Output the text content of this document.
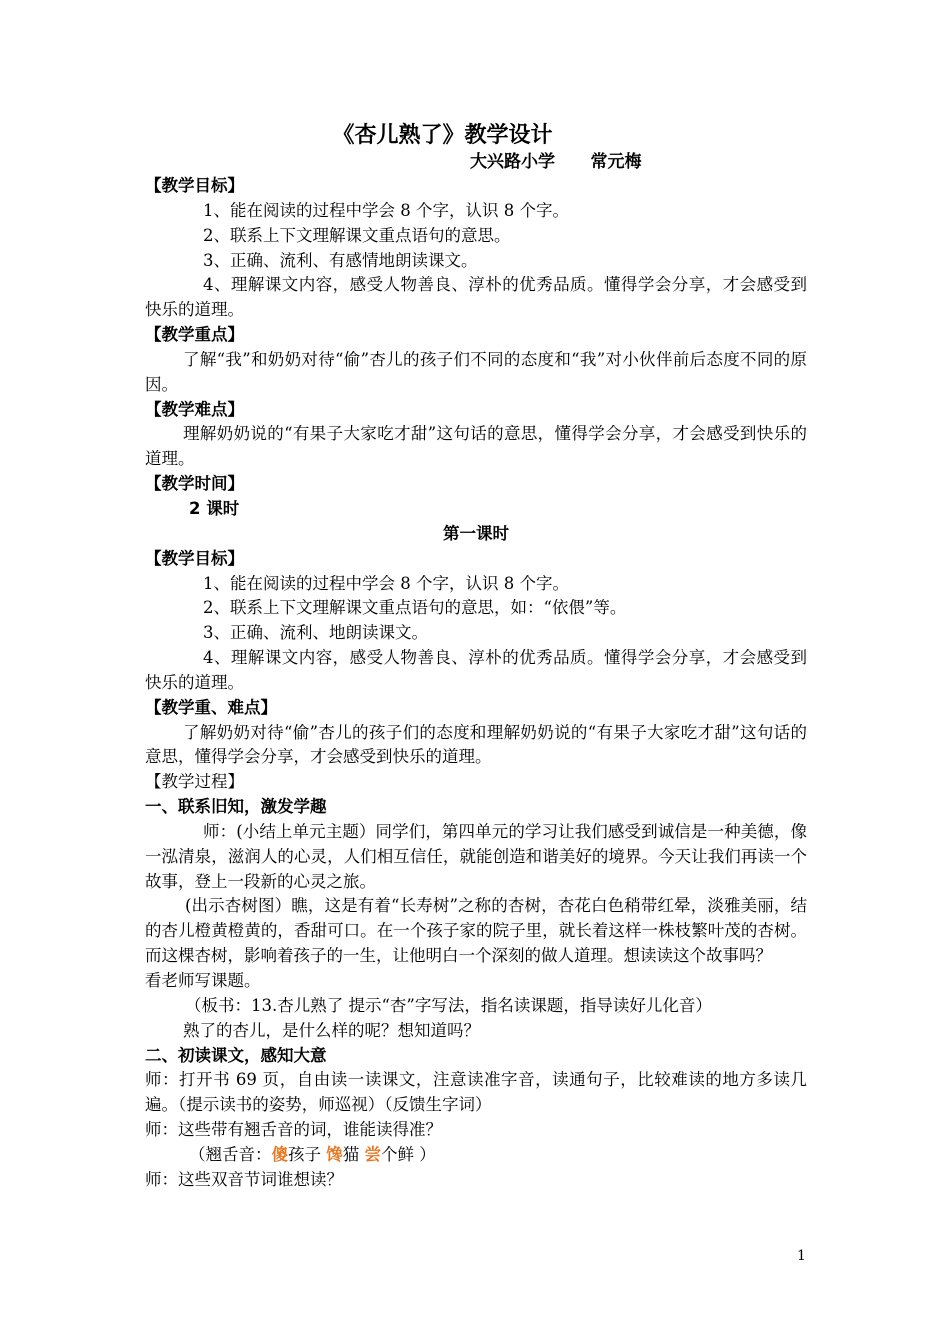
《杏儿熟了》教学设计
大兴路小学      常元梅

【教学目标】

1、能在阅读的过程中学会 8 个字，认识 8 个字。

2、联系上下文理解课文重点语句的意思。

3、正确、流利、有感情地朗读课文。

4、理解课文内容，感受人物善良、淳朴的优秀品质。懂得学会分享，才会感受到快乐的道理。

【教学重点】

了解“我”和奶奶对待“偷”杏儿的孩子们不同的态度和“我”对小伙伴前后态度不同的原因。

【教学难点】

理解奶奶说的“有果子大家吃才甜”这句话的意思，懂得学会分享，才会感受到快乐的道理。

【教学时间】

2 课时

第一课时

【教学目标】

1、能在阅读的过程中学会 8 个字，认识 8 个字。

2、联系上下文理解课文重点语句的意思，如：“依偎”等。

3、正确、流利、地朗读课文。

4、理解课文内容，感受人物善良、淳朴的优秀品质。懂得学会分享，才会感受到快乐的道理。

【教学重、难点】

了解奶奶对待“偷”杏儿的孩子们的态度和理解奶奶说的“有果子大家吃才甜”这句话的意思，懂得学会分享，才会感受到快乐的道理。

【教学过程】

一、联系旧知，激发学趣

师：(小结上单元主题）同学们，第四单元的学习让我们感受到诚信是一种美德，像一泓清泉，滋润人的心灵，人们相互信任，就能创造和谐美好的境界。今天让我们再读一个故事，登上一段新的心灵之旅。

(出示杏树图）瞧，这是有着“长寿树”之称的杏树，杏花白色稍带红晕，淡雅美丽，结的杏儿橙黄橙黄的，香甜可口。在一个孩子家的院子里，就长着这样一株枝繁叶茂的杏树。而这棵杏树，影响着孩子的一生，让他明白一个深刻的做人道理。想读读这个故事吗？

看老师写课题。

（板书：13.杏儿熟了 提示“杏”字写法，指名读课题，指导读好儿化音）

熟了的杏儿，是什么样的呢？想知道吗？

二、初读课文，感知大意

师：打开书 69 页，自由读一读课文，注意读准字音，读通句子，比较难读的地方多读几遍。（提示读书的姿势，师巡视）（反馈生字词）

师：这些带有翘舌音的词，谁能读得准？

（翘舌音：傻孩子 馋猫 尝个鲜 ）

师：这些双音节词谁想读？

1
